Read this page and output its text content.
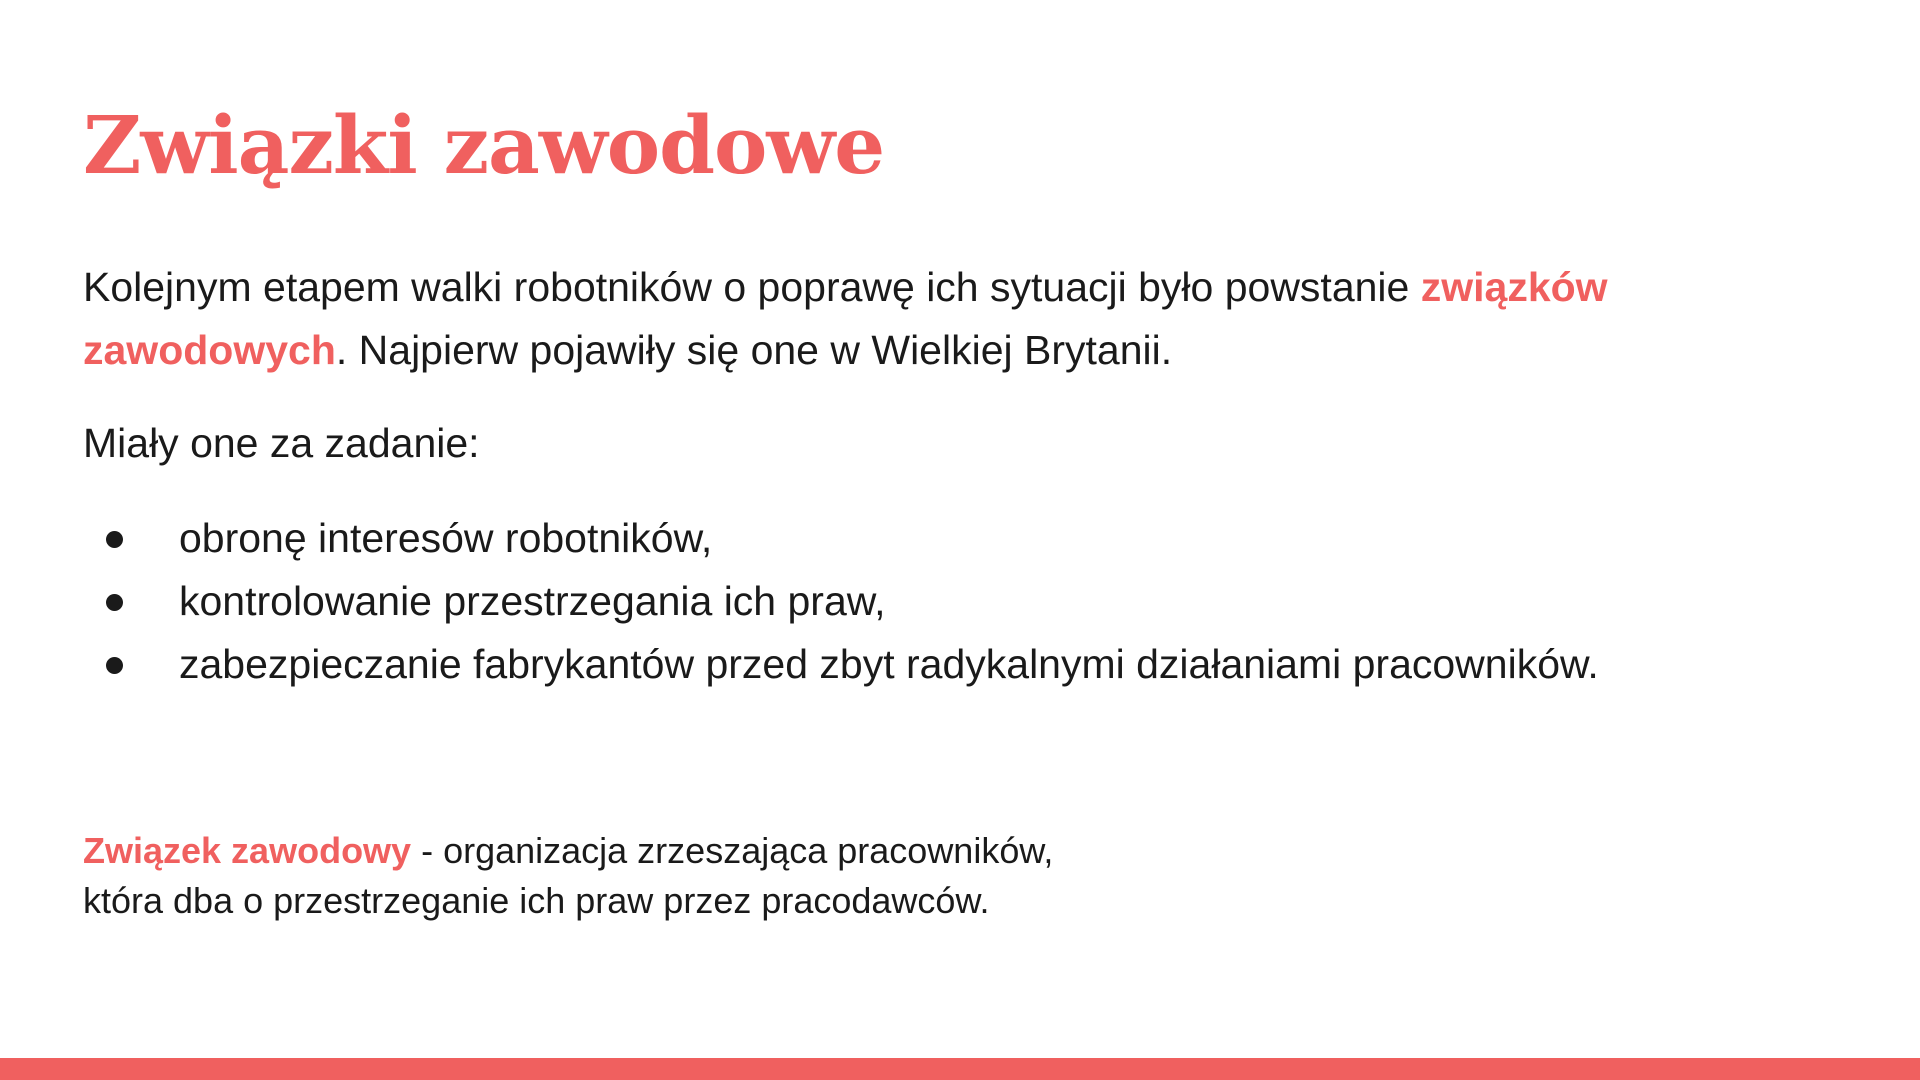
Związki zawodowe

Kolejnym etapem walki robotników o poprawę ich sytuacji było powstanie związków zawodowych. Najpierw pojawiły się one w Wielkiej Brytanii.

Miały one za zadanie:

obronę interesów robotników,
kontrolowanie przestrzegania ich praw,
zabezpieczanie fabrykantów przed zbyt radykalnymi działaniami pracowników.

Związek zawodowy - organizacja zrzeszająca pracowników,
która dba o przestrzeganie ich praw przez pracodawców.
